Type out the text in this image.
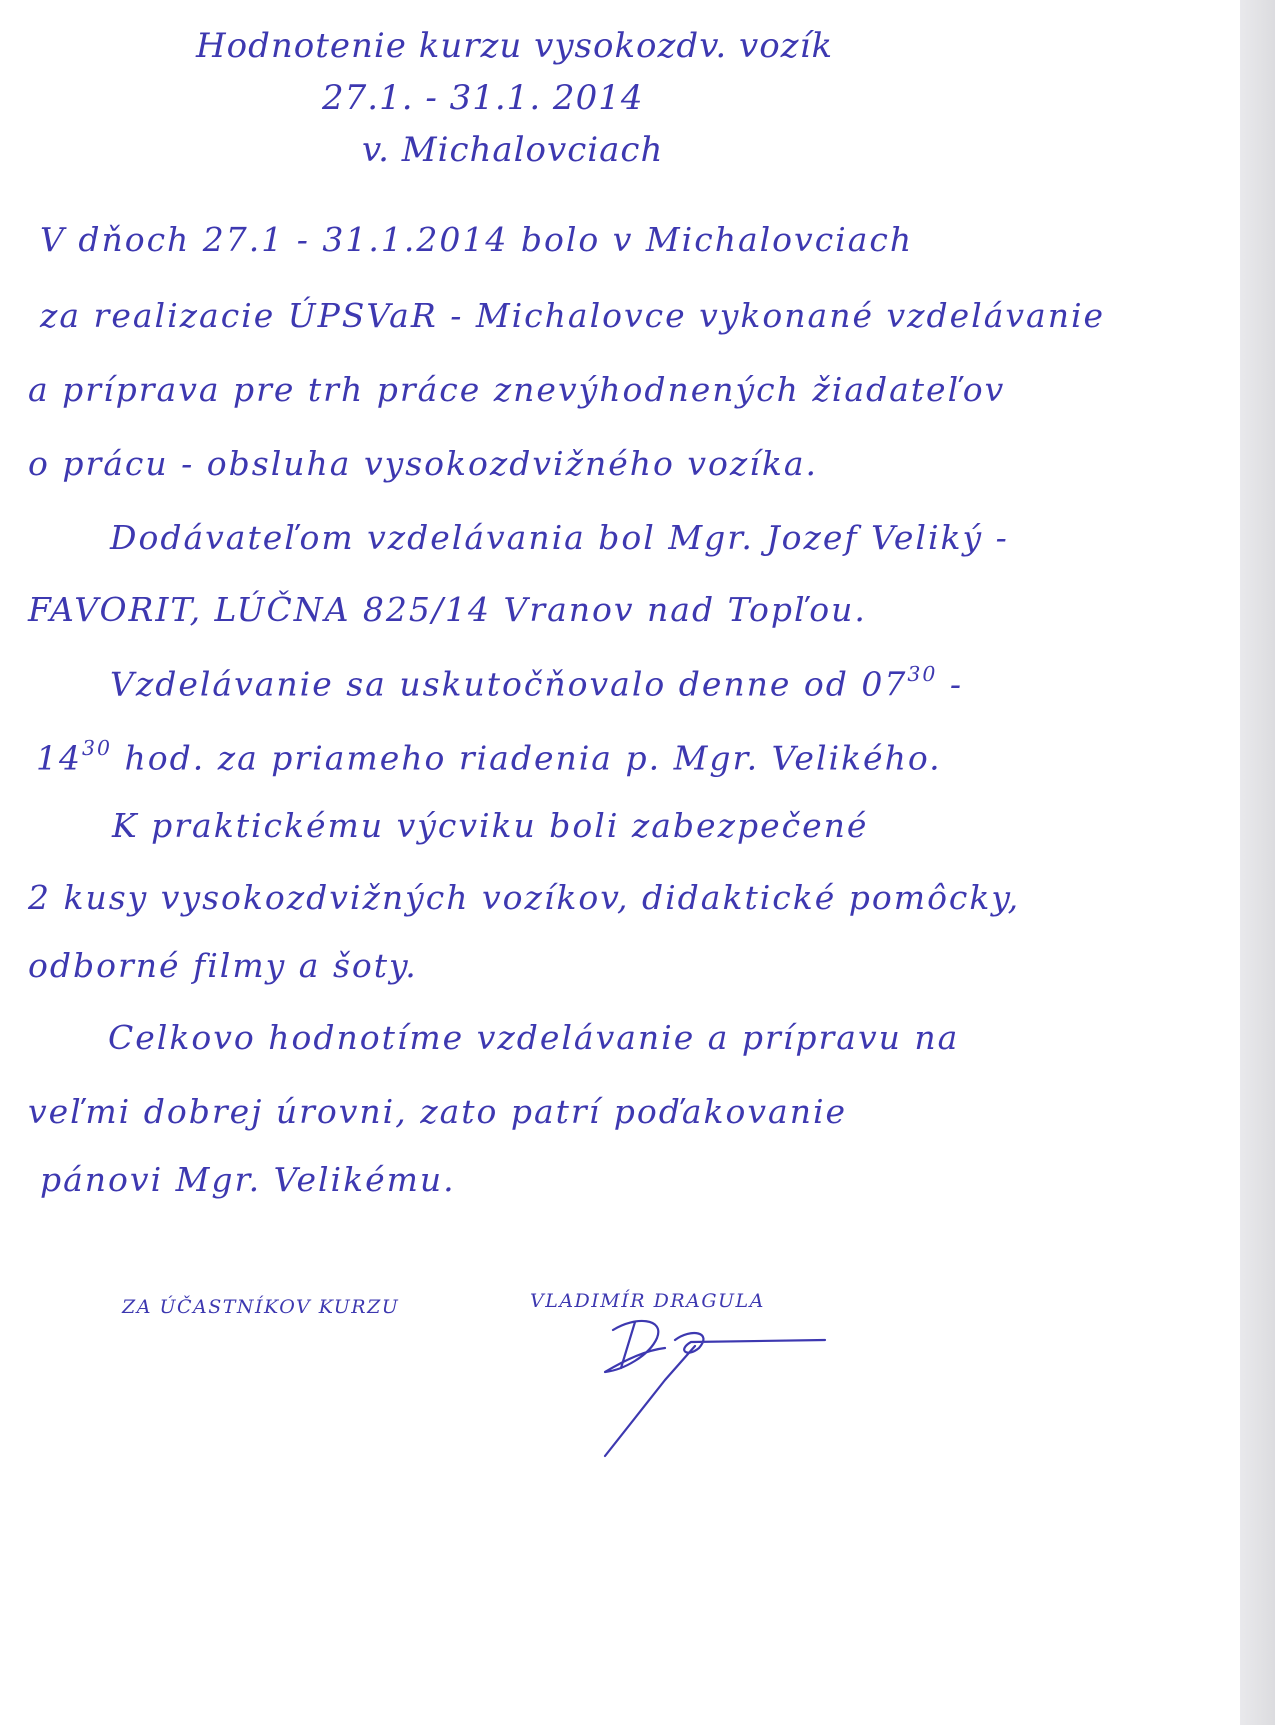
Hodnotenie kurzu vysokozdv. vozík
27.1. - 31.1. 2014
v. Michalovciach
V dňoch 27.1 - 31.1.2014 bolo v Michalovciach
za realizacie ÚPSVaR - Michalovce vykonané vzdelávanie
a príprava pre trh práce znevýhodnených žiadateľov
o prácu - obsluha vysokozdvižného vozíka.
Dodávateľom vzdelávania bol Mgr. Jozef Veliký -
FAVORIT, LÚČNA 825/14 Vranov nad Topľou.
Vzdelávanie sa uskutočňovalo denne od $07^{30}$ -
$14^{30}$ hod. za priameho riadenia p. Mgr. Velikého.
K praktickému výcviku boli zabezpečené
2 kusy vysokozdvižných vozíkov, didaktické pomôcky,
odborné filmy a šoty.
Celkovo hodnotíme vzdelávanie a prípravu na
veľmi dobrej úrovni, zato patrí poďakovanie
pánovi Mgr. Velikému.
ZA ÚČASTNÍKOV KURZU	VLADIMÍR DRAGULA
